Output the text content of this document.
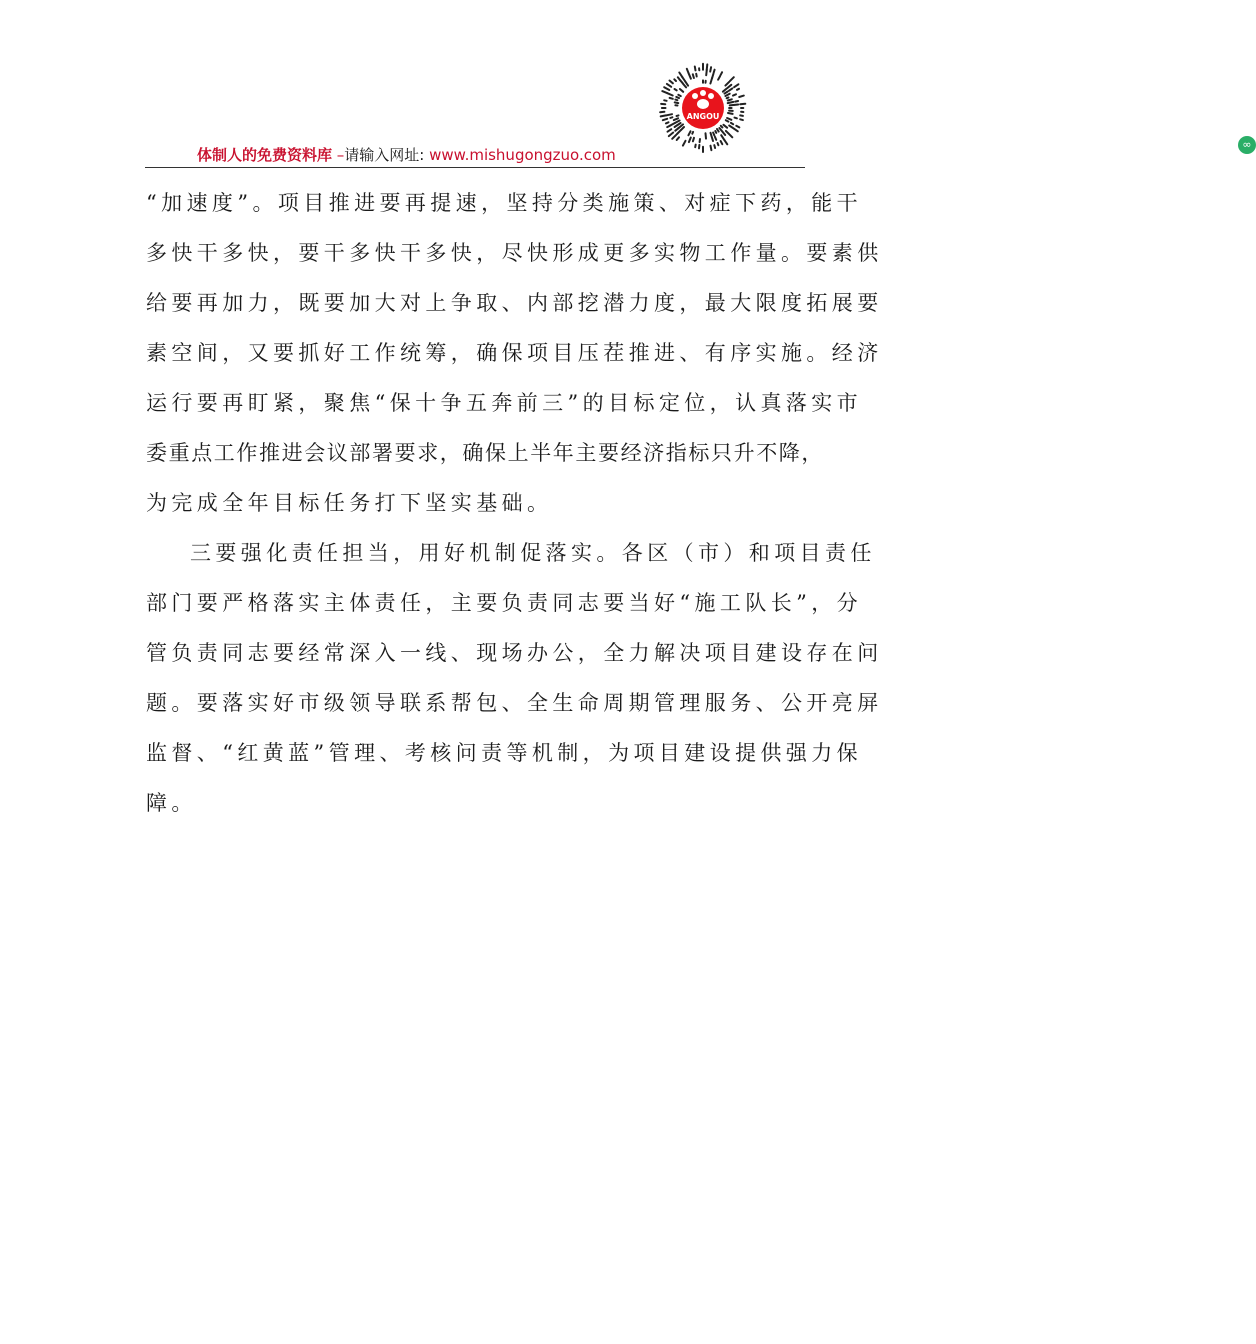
ANGOU
∞
体制人的免费资料库 –请输入网址: www.mishugongzuo.com
“加速度”。项目推进要再提速，坚持分类施策、对症下药，能干
多快干多快，要干多快干多快，尽快形成更多实物工作量。要素供
给要再加力，既要加大对上争取、内部挖潜力度，最大限度拓展要
素空间，又要抓好工作统筹，确保项目压茬推进、有序实施。经济
运行要再盯紧，聚焦“保十争五奔前三”的目标定位，认真落实市
委重点工作推进会议部署要求，确保上半年主要经济指标只升不降，
为完成全年目标任务打下坚实基础。
三要强化责任担当，用好机制促落实。各区（市）和项目责任
部门要严格落实主体责任，主要负责同志要当好“施工队长”，分
管负责同志要经常深入一线、现场办公，全力解决项目建设存在问
题。要落实好市级领导联系帮包、全生命周期管理服务、公开亮屏
监督、“红黄蓝”管理、考核问责等机制，为项目建设提供强力保
障。
